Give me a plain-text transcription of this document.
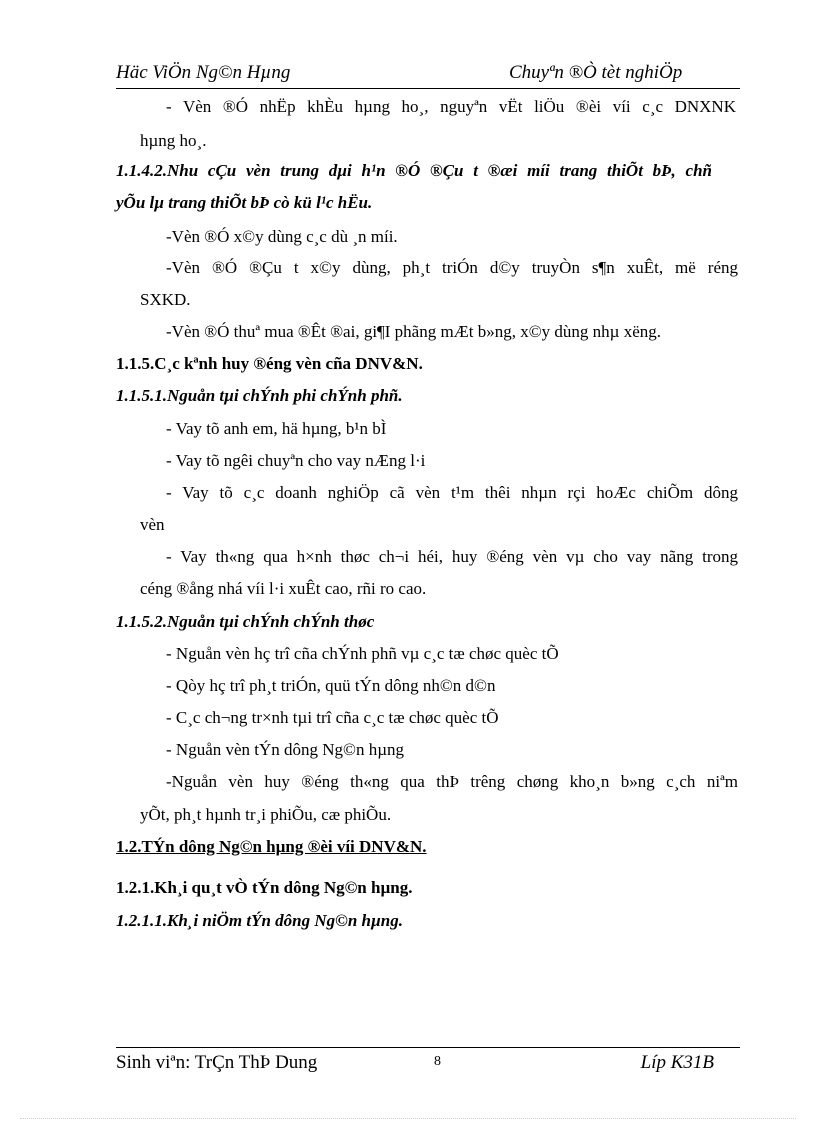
Häc ViÖn Ng©n Hµng	Chuyªn ®Ò tèt nghiÖp
- Vèn ®Ó nhËp khÈu hµng ho¸, nguyªn vËt liÖu ®èi víi c¸c DNXNK
hµng ho¸.
1.1.4.2.Nhu cÇu vèn trung dµi h¹n ®Ó ®Çu t ®æi míi trang thiÕt bÞ, chñ
yÕu lµ trang thiÕt bÞ cò kü l¹c hËu.
-Vèn ®Ó x©y dùng c¸c dù ¸n míi.
-Vèn ®Ó ®Çu t x©y dùng, ph¸t triÓn d©y truyÒn s¶n xuÊt, më réng
SXKD.
-Vèn ®Ó thuª mua ®Êt ®ai, gi¶I phãng mÆt b»ng, x©y dùng nhµ xëng.
1.1.5.C¸c kªnh huy ®éng vèn cña DNV&N.
1.1.5.1.Nguån tµi chÝnh phi chÝnh phñ.
- Vay tõ anh em, hä hµng, b¹n bÌ
- Vay tõ ngêi chuyªn cho vay nÆng l·i
- Vay tõ c¸c doanh nghiÖp cã vèn t¹m thêi nhµn rçi hoÆc chiÕm dông
vèn
- Vay th«ng qua h×nh thøc ch¬i héi, huy ®éng vèn vµ cho vay nãng trong
céng ®ång nhá víi l·i xuÊt cao, rñi ro cao.
1.1.5.2.Nguån tµi chÝnh chÝnh thøc
- Nguån vèn hç trî cña chÝnh phñ vµ c¸c tæ chøc quèc tÕ
- Qòy hç trî ph¸t triÓn, quü tÝn dông nh©n d©n
- C¸c ch¬ng tr×nh tµi trî cña c¸c tæ chøc quèc tÕ
- Nguån vèn tÝn dông Ng©n hµng
-Nguån vèn huy ®éng th«ng qua thÞ trêng chøng kho¸n b»ng c¸ch niªm
yÕt, ph¸t hµnh tr¸i phiÕu, cæ phiÕu.
1.2.TÝn dông Ng©n hµng ®èi víi DNV&N.
1.2.1.Kh¸i qu¸t vÒ tÝn dông Ng©n hµng.
1.2.1.1.Kh¸i niÖm tÝn dông Ng©n hµng.
Sinh viªn: TrÇn ThÞ Dung	8	Líp K31B
